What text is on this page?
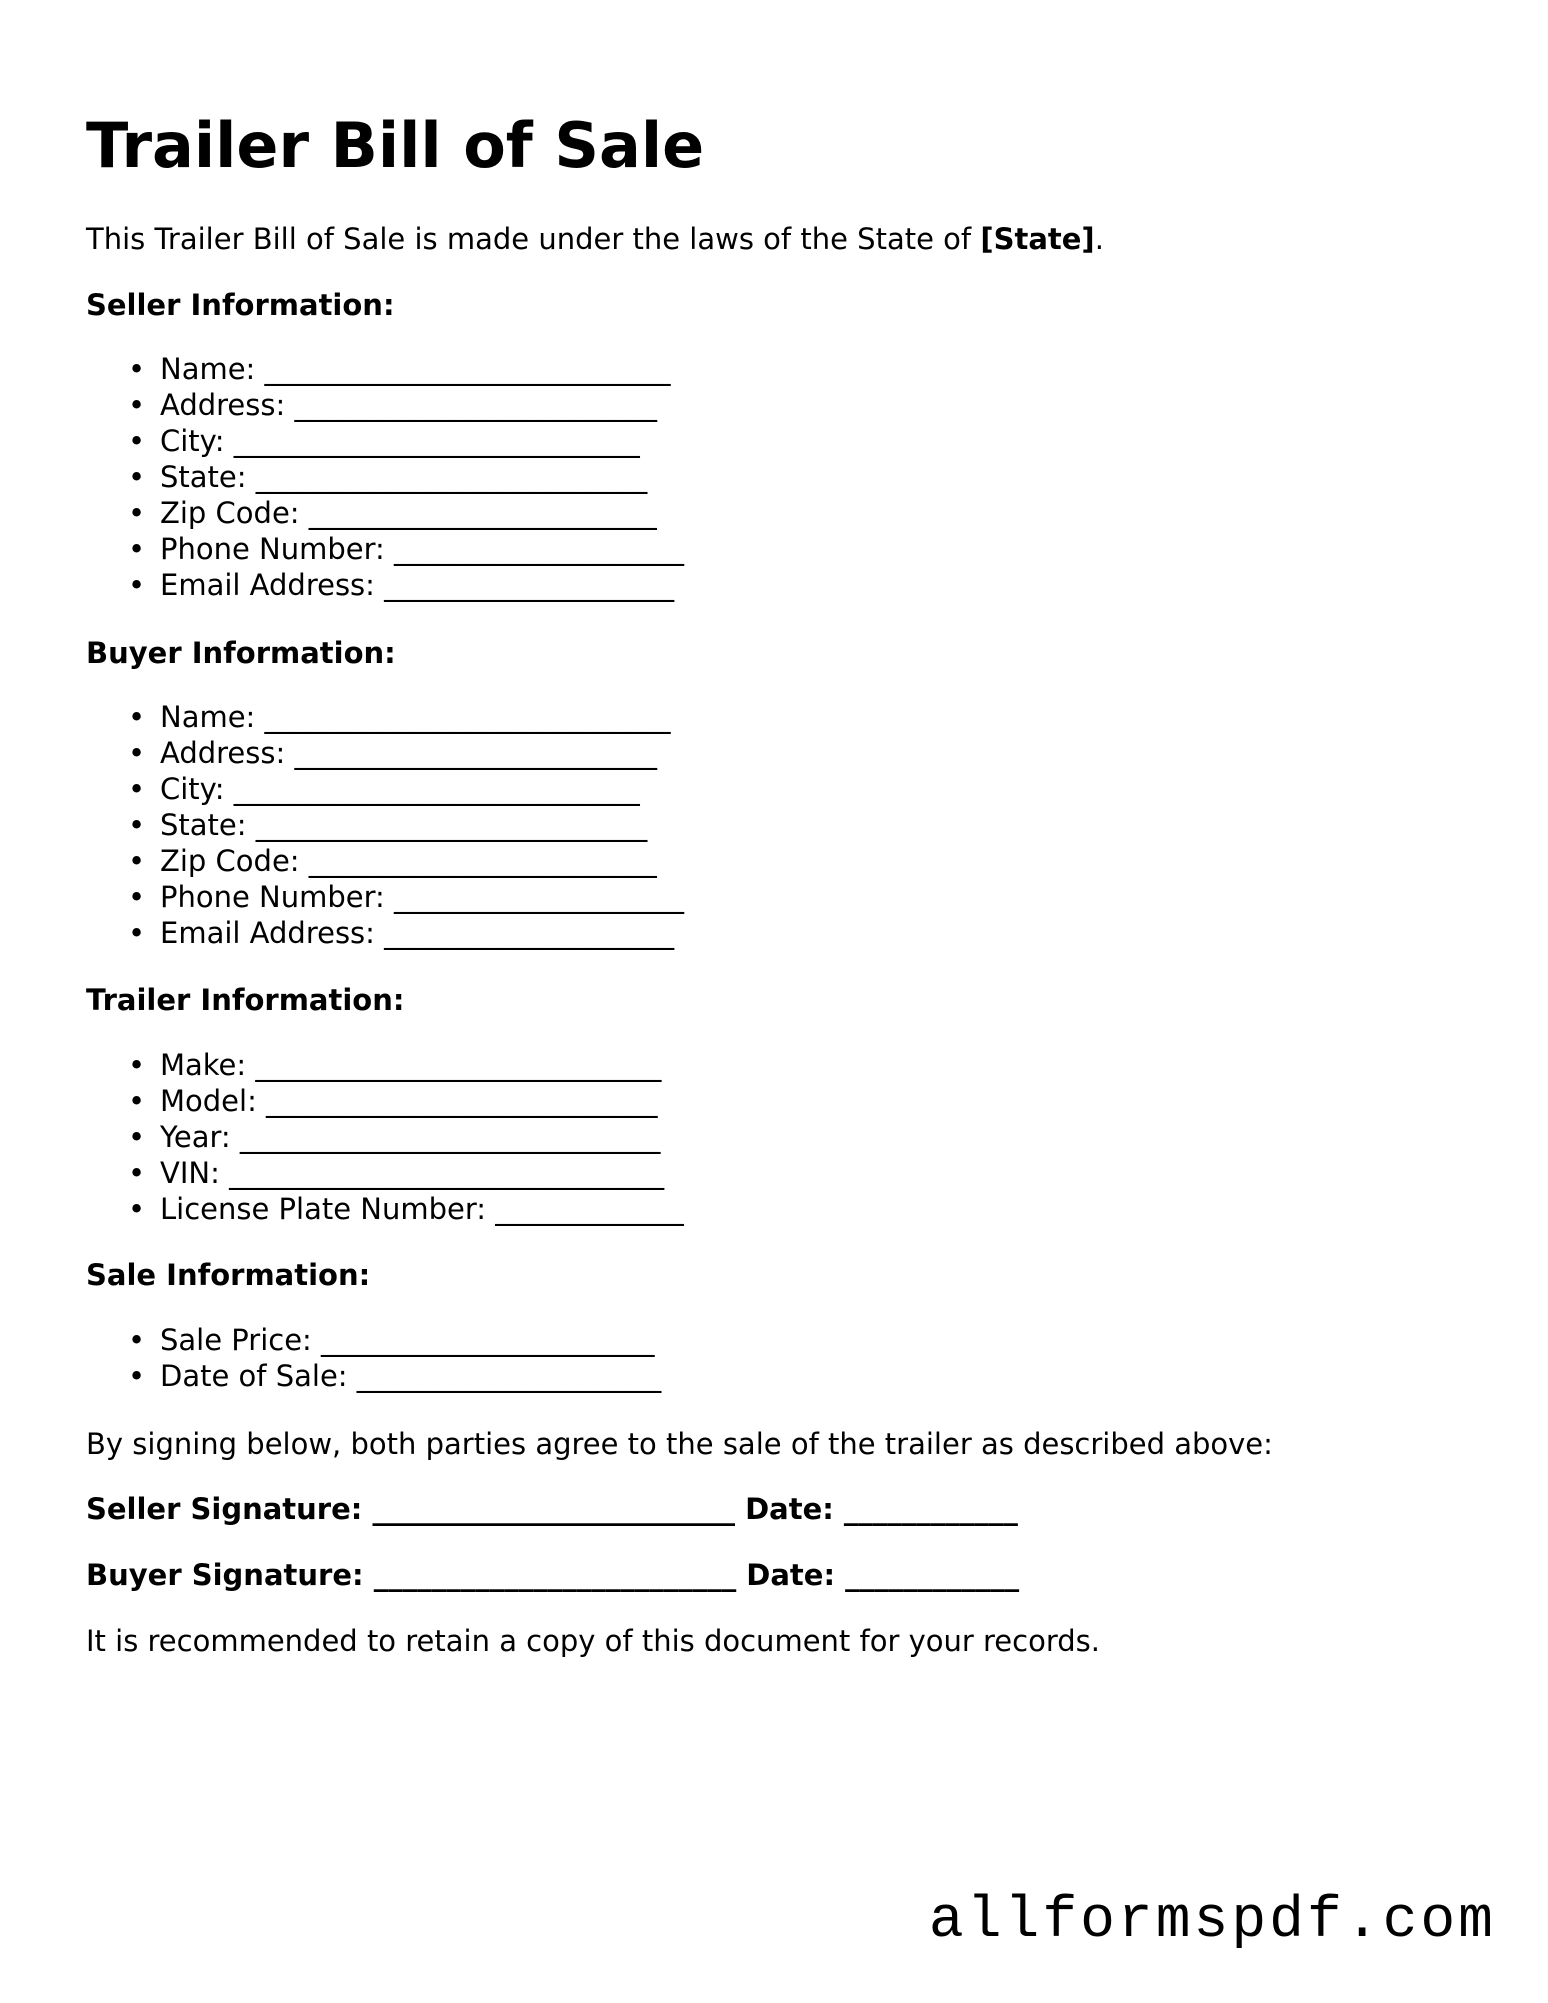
Trailer Bill of Sale

This Trailer Bill of Sale is made under the laws of the State of [State].

Seller Information:

• Name: ____________________________
• Address: _________________________
• City: ____________________________
• State: ___________________________
• Zip Code: ________________________
• Phone Number: ____________________
• Email Address: ____________________

Buyer Information:

• Name: ____________________________
• Address: _________________________
• City: ____________________________
• State: ___________________________
• Zip Code: ________________________
• Phone Number: ____________________
• Email Address: ____________________

Trailer Information:

• Make: ____________________________
• Model: ___________________________
• Year: _____________________________
• VIN: ______________________________
• License Plate Number: _____________

Sale Information:

• Sale Price: _______________________
• Date of Sale: _____________________

By signing below, both parties agree to the sale of the trailer as described above:

Seller Signature: _________________________ Date: ____________

Buyer Signature: _________________________ Date: ____________

It is recommended to retain a copy of this document for your records.

allformspdf.com
